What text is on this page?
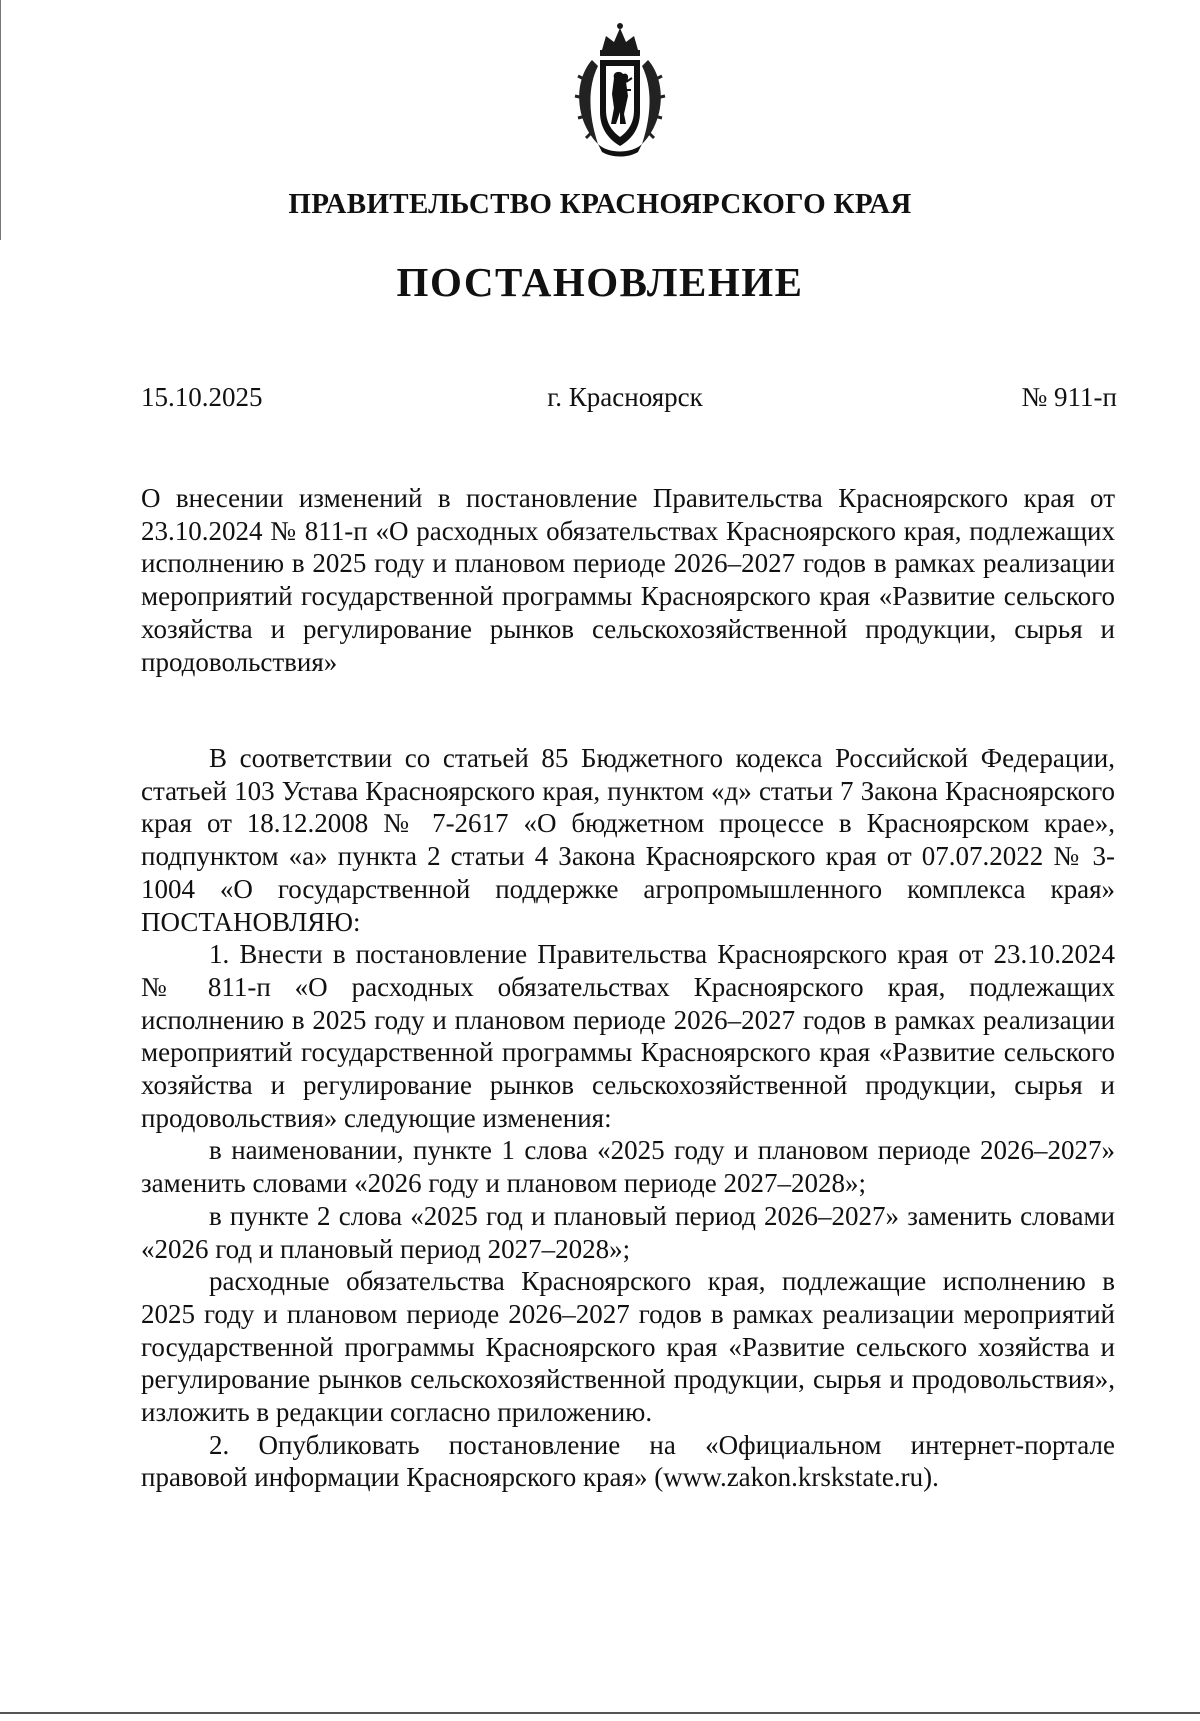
ПРАВИТЕЛЬСТВО КРАСНОЯРСКОГО КРАЯ
ПОСТАНОВЛЕНИЕ
15.10.2025	г. Красноярск	№ 911-п

О внесении изменений в постановление Правительства Красноярского края от 23.10.2024 № 811-п «О расходных обязательствах Красноярского края, подлежащих исполнению в 2025 году и плановом периоде 2026–2027 годов в рамках реализации мероприятий государственной программы Красноярского края «Развитие сельского хозяйства и регулирование рынков сельскохозяйственной продукции, сырья и продовольствия»

В соответствии со статьей 85 Бюджетного кодекса Российской Федерации, статьей 103 Устава Красноярского края, пунктом «д» статьи 7 Закона Красноярского края от 18.12.2008 № 7-2617 «О бюджетном процессе в Красноярском крае», подпунктом «а» пункта 2 статьи 4 Закона Красноярского края от 07.07.2022 № 3-1004 «О государственной поддержке агропромышленного комплекса края» ПОСТАНОВЛЯЮ:

1. Внести в постановление Правительства Красноярского края от 23.10.2024 № 811-п «О расходных обязательствах Красноярского края, подлежащих исполнению в 2025 году и плановом периоде 2026–2027 годов в рамках реализации мероприятий государственной программы Красноярского края «Развитие сельского хозяйства и регулирование рынков сельскохозяйственной продукции, сырья и продовольствия» следующие изменения:

в наименовании, пункте 1 слова «2025 году и плановом периоде 2026–2027» заменить словами «2026 году и плановом периоде 2027–2028»;

в пункте 2 слова «2025 год и плановый период 2026–2027» заменить словами «2026 год и плановый период 2027–2028»;

расходные обязательства Красноярского края, подлежащие исполнению в 2025 году и плановом периоде 2026–2027 годов в рамках реализации мероприятий государственной программы Красноярского края «Развитие сельского хозяйства и регулирование рынков сельскохозяйственной продукции, сырья и продовольствия», изложить в редакции согласно приложению.

2. Опубликовать постановление на «Официальном интернет-портале правовой информации Красноярского края» (www.zakon.krskstate.ru).
